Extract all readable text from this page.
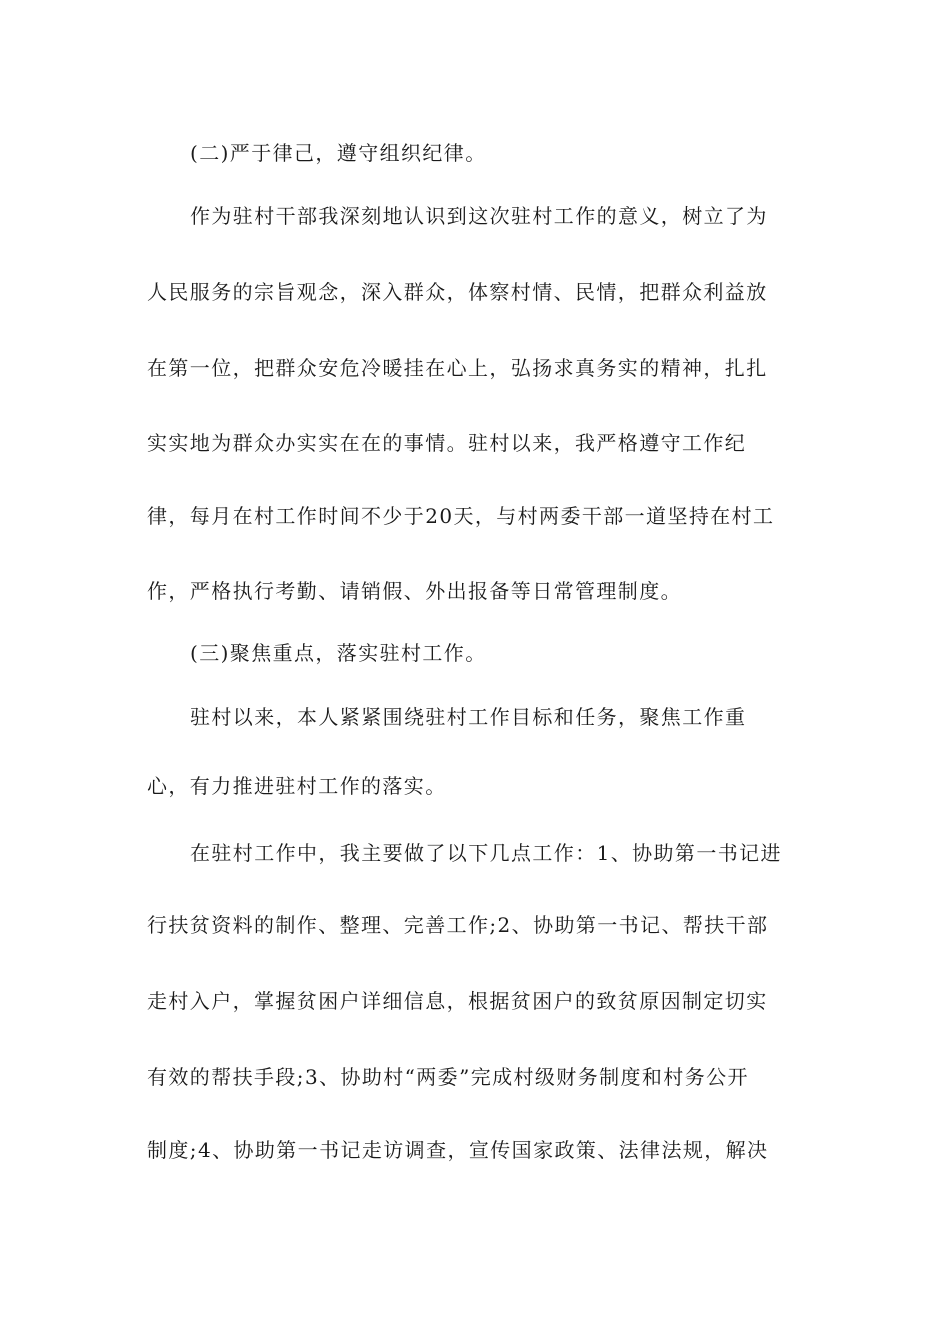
(二)严于律己，遵守组织纪律。
作为驻村干部我深刻地认识到这次驻村工作的意义，树立了为
人民服务的宗旨观念，深入群众，体察村情、民情，把群众利益放
在第一位，把群众安危冷暖挂在心上，弘扬求真务实的精神，扎扎
实实地为群众办实实在在的事情。驻村以来，我严格遵守工作纪
律，每月在村工作时间不少于20天，与村两委干部一道坚持在村工
作，严格执行考勤、请销假、外出报备等日常管理制度。
(三)聚焦重点，落实驻村工作。
驻村以来，本人紧紧围绕驻村工作目标和任务，聚焦工作重
心，有力推进驻村工作的落实。
在驻村工作中，我主要做了以下几点工作：1、协助第一书记进
行扶贫资料的制作、整理、完善工作;2、协助第一书记、帮扶干部
走村入户，掌握贫困户详细信息，根据贫困户的致贫原因制定切实
有效的帮扶手段;3、协助村“两委”完成村级财务制度和村务公开
制度;4、协助第一书记走访调查，宣传国家政策、法律法规，解决
